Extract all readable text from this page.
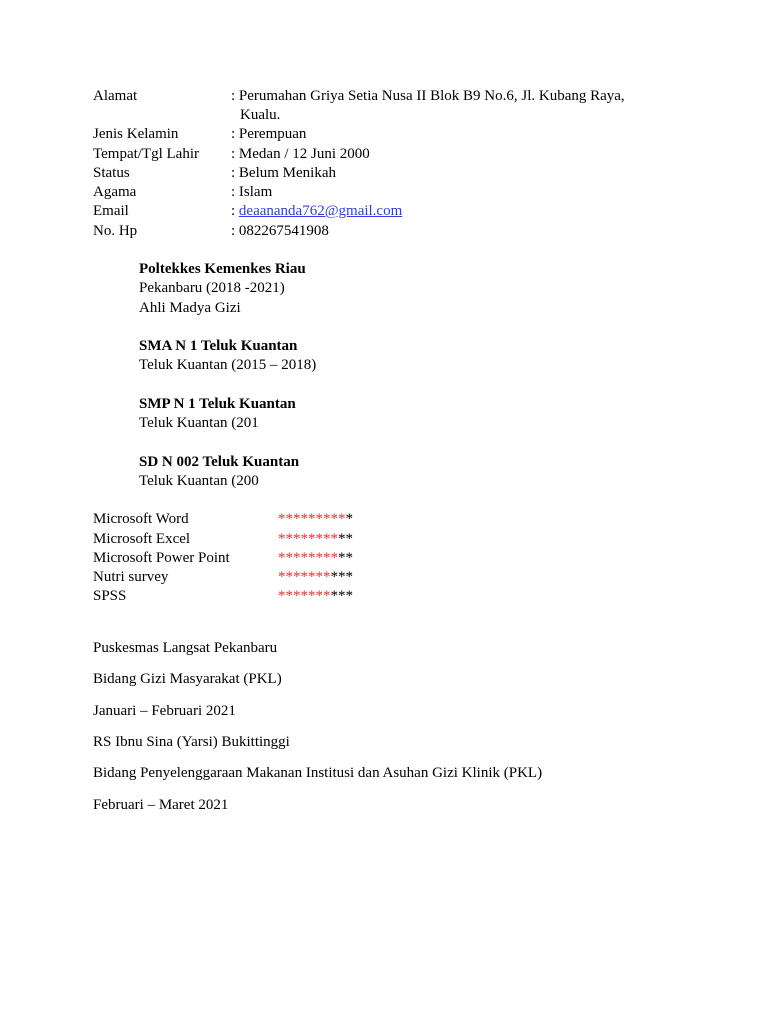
Alamat	: Perumahan Griya Setia Nusa II Blok B9 No.6, Jl. Kubang Raya,
Kualu.
Jenis Kelamin	: Perempuan
Tempat/Tgl Lahir : Medan / 12 Juni 2000
Status	: Belum Menikah
Agama	: Islam
Email	: deaananda762@gmail.com
No. Hp	: 082267541908
Poltekkes Kemenkes Riau
Pekanbaru (2018 -2021)
Ahli Madya Gizi
SMA N 1 Teluk Kuantan
Teluk Kuantan (2015 – 2018)
SMP N 1 Teluk Kuantan
Teluk Kuantan (201
SD N 002 Teluk Kuantan
Teluk Kuantan (200
Microsoft Word	**********
Microsoft Excel	**********
Microsoft Power Point	**********
Nutri survey	**********
SPSS	**********
Puskesmas Langsat Pekanbaru
Bidang Gizi Masyarakat (PKL)
Januari – Februari 2021
RS Ibnu Sina (Yarsi) Bukittinggi
Bidang Penyelenggaraan Makanan Institusi dan Asuhan Gizi Klinik (PKL)
Februari – Maret 2021
